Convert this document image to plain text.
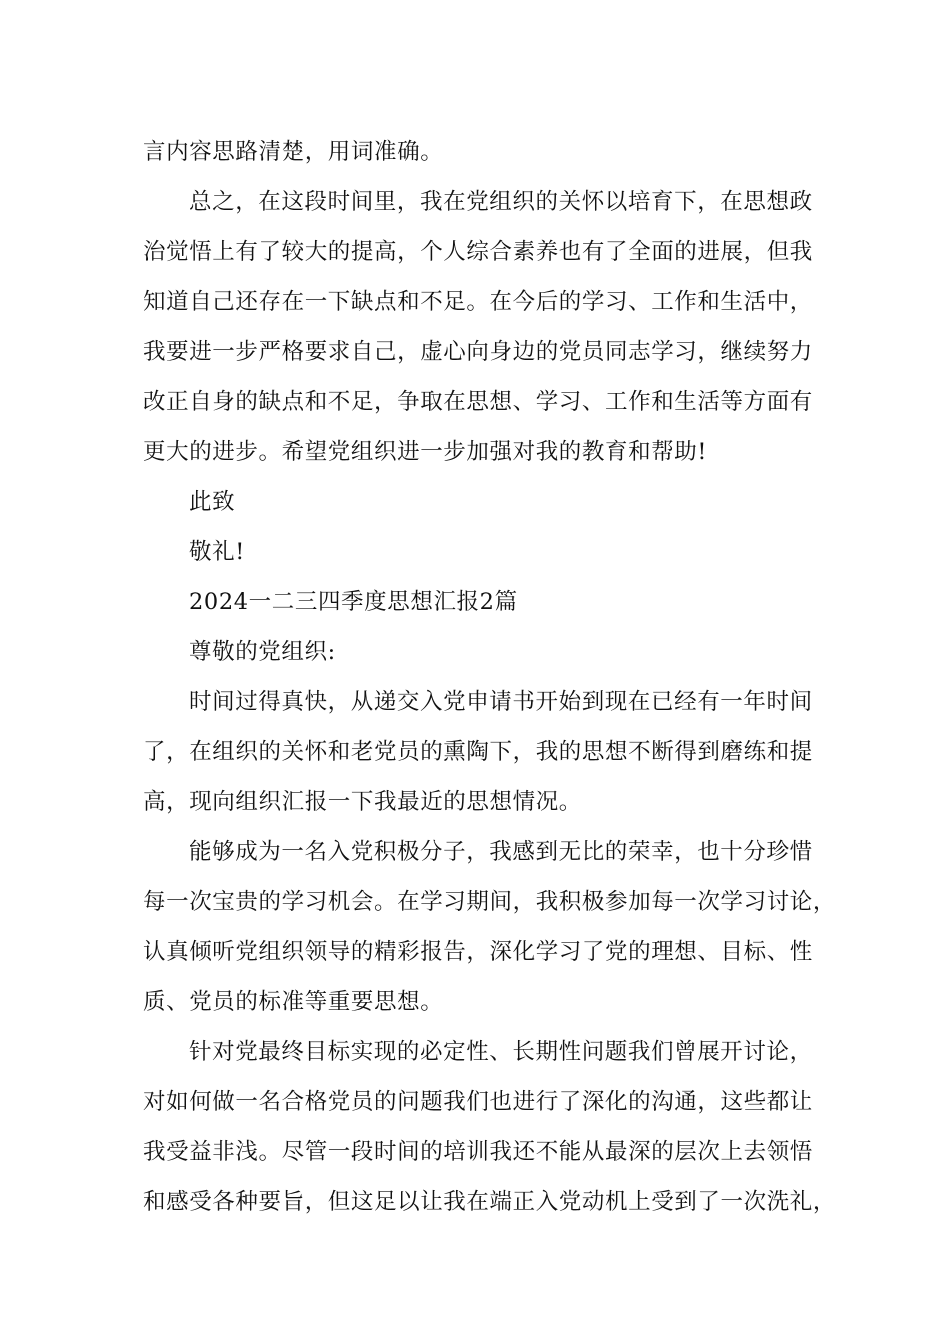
言内容思路清楚，用词准确。
总之，在这段时间里，我在党组织的关怀以培育下，在思想政
治觉悟上有了较大的提高，个人综合素养也有了全面的进展，但我
知道自己还存在一下缺点和不足。在今后的学习、工作和生活中，
我要进一步严格要求自己，虚心向身边的党员同志学习，继续努力
改正自身的缺点和不足，争取在思想、学习、工作和生活等方面有
更大的进步。希望党组织进一步加强对我的教育和帮助!
此致
敬礼!
2024一二三四季度思想汇报2篇
尊敬的党组织:
时间过得真快，从递交入党申请书开始到现在已经有一年时间
了，在组织的关怀和老党员的熏陶下，我的思想不断得到磨练和提
高，现向组织汇报一下我最近的思想情况。
能够成为一名入党积极分子，我感到无比的荣幸，也十分珍惜
每一次宝贵的学习机会。在学习期间，我积极参加每一次学习讨论，
认真倾听党组织领导的精彩报告，深化学习了党的理想、目标、性
质、党员的标准等重要思想。
针对党最终目标实现的必定性、长期性问题我们曾展开讨论，
对如何做一名合格党员的问题我们也进行了深化的沟通，这些都让
我受益非浅。尽管一段时间的培训我还不能从最深的层次上去领悟
和感受各种要旨，但这足以让我在端正入党动机上受到了一次洗礼，
